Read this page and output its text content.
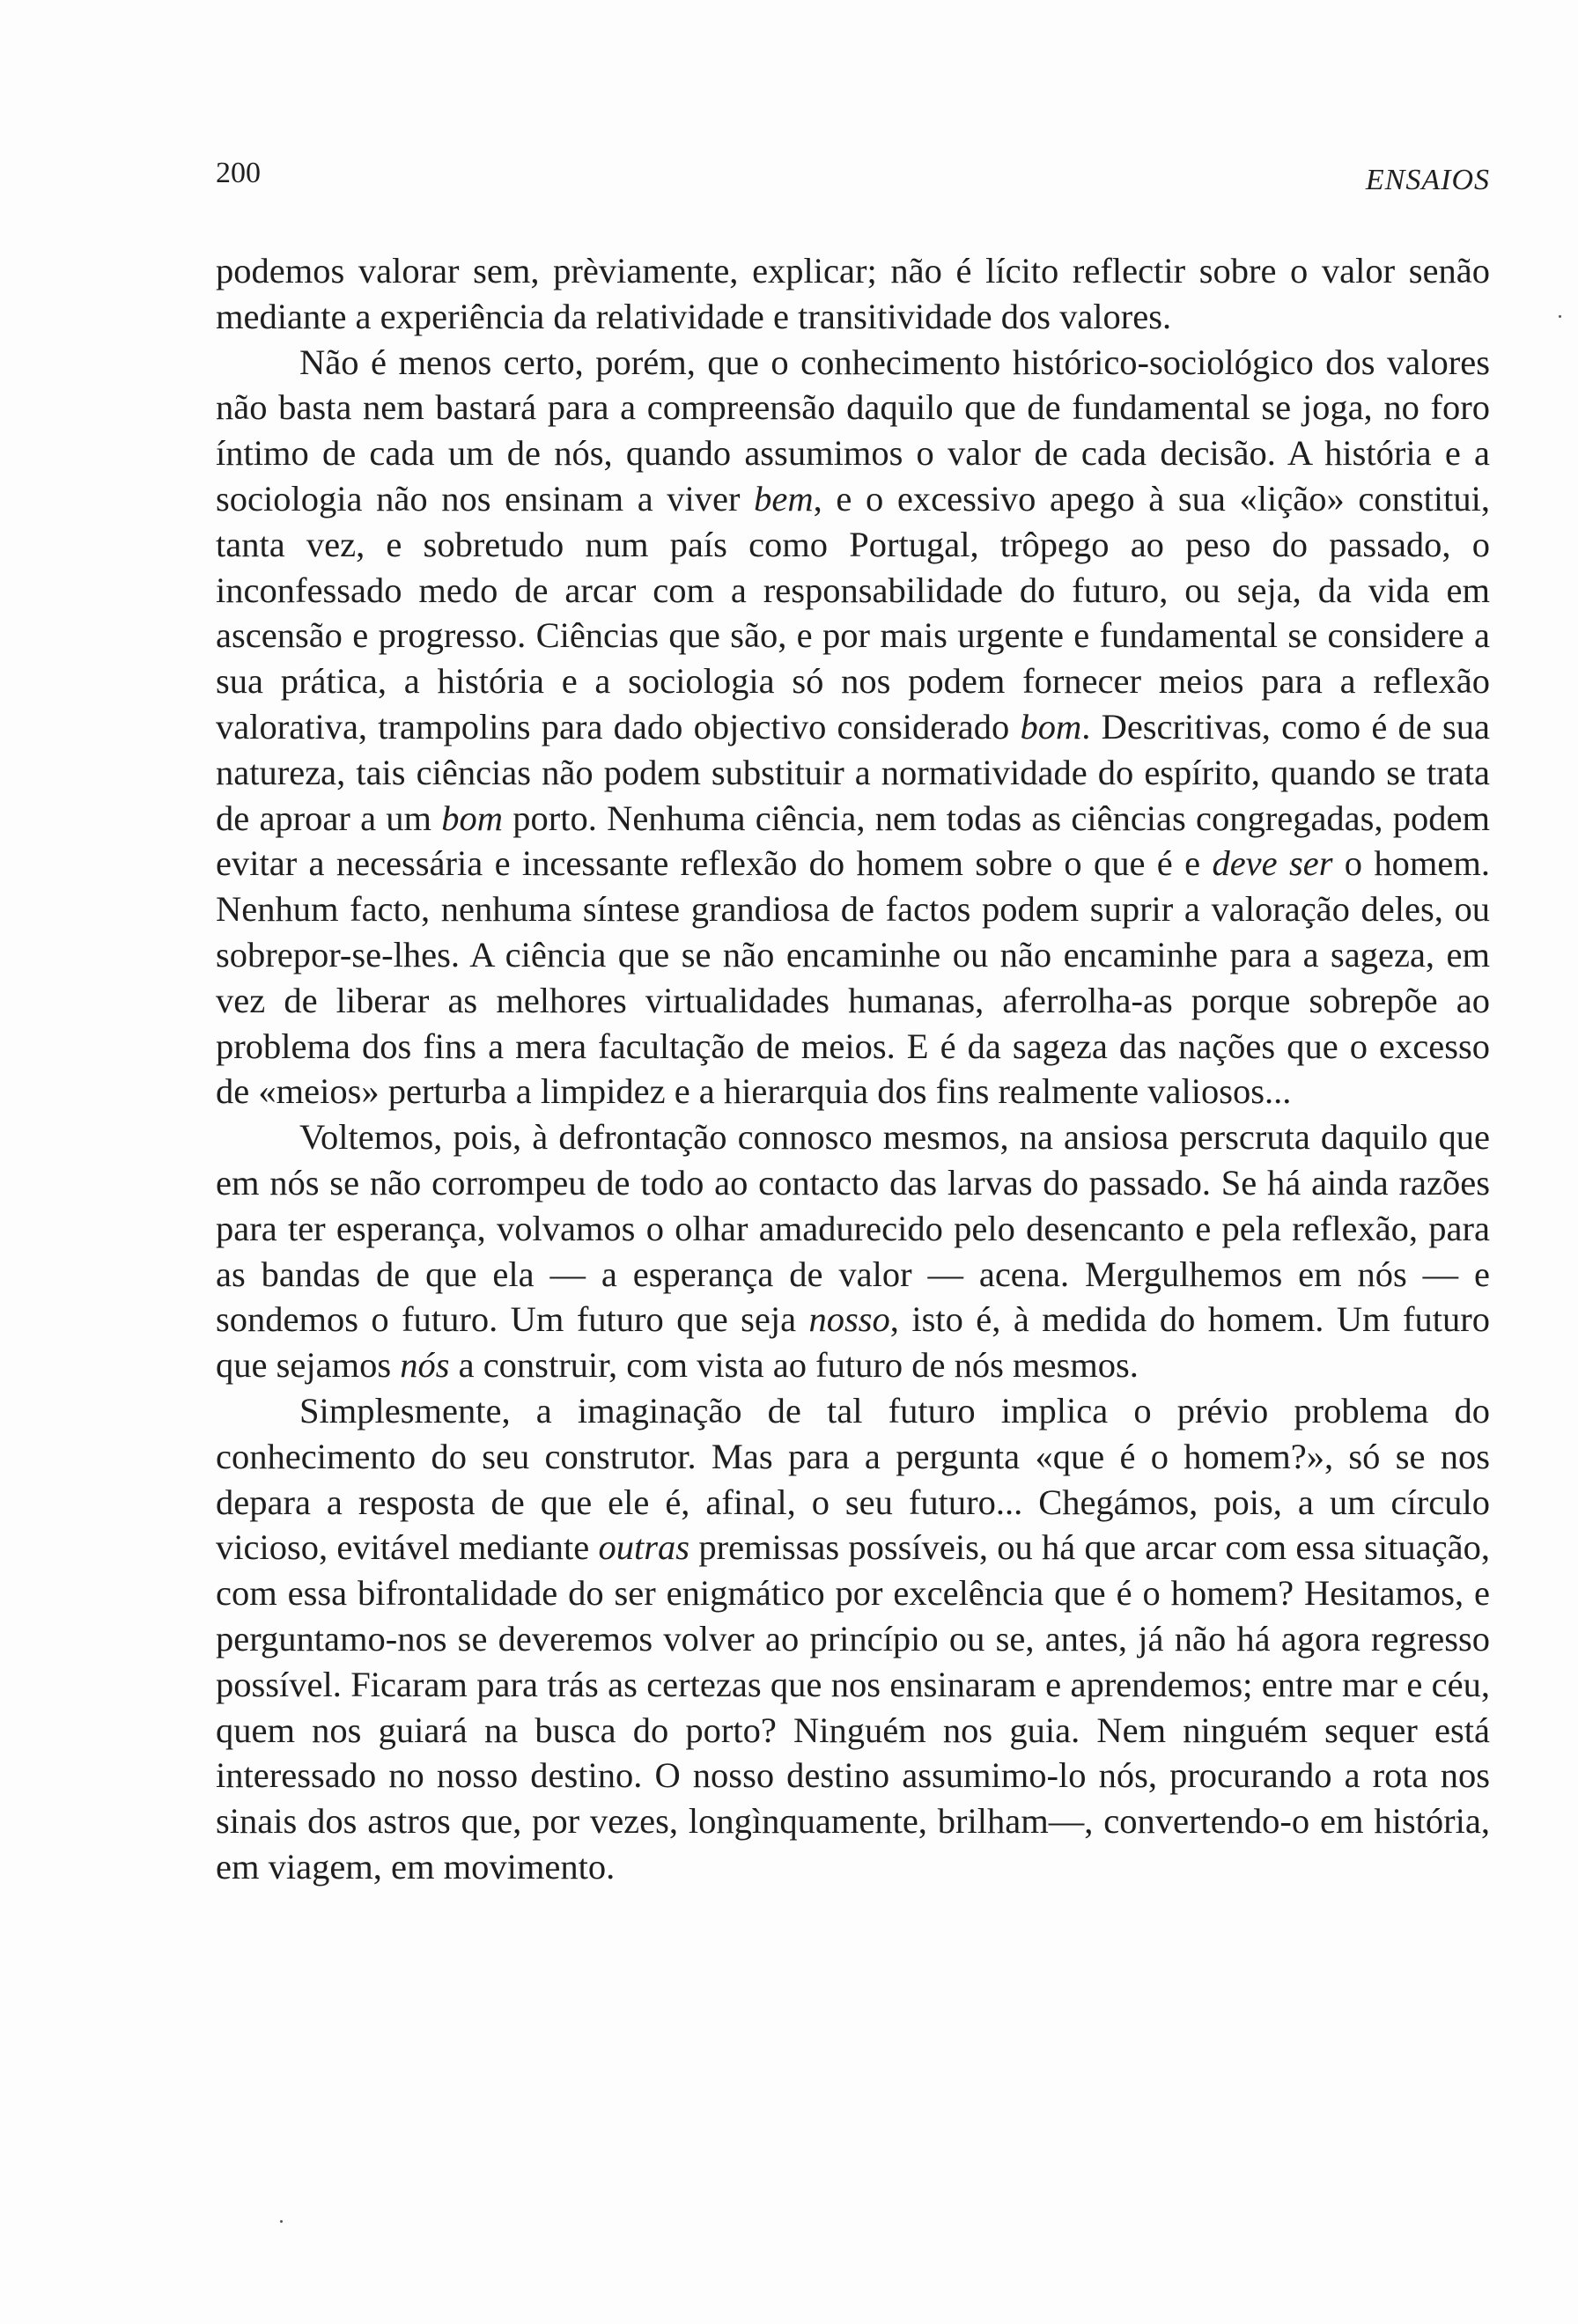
200	ENSAIOS

podemos valorar sem, prèviamente, explicar; não é lícito reflectir sobre o valor senão mediante a experiência da relatividade e transitividade dos valores.

Não é menos certo, porém, que o conhecimento histórico-sociológico dos valores não basta nem bastará para a compreensão daquilo que de fundamental se joga, no foro íntimo de cada um de nós, quando assumimos o valor de cada decisão. A história e a sociologia não nos ensinam a viver bem, e o excessivo apego à sua «lição» constitui, tanta vez, e sobretudo num país como Portugal, trôpego ao peso do passado, o inconfessado medo de arcar com a responsabilidade do futuro, ou seja, da vida em ascensão e progresso. Ciências que são, e por mais urgente e fundamental se considere a sua prática, a história e a sociologia só nos podem fornecer meios para a reflexão valorativa, trampolins para dado objectivo considerado bom. Descritivas, como é de sua natureza, tais ciências não podem substituir a normatividade do espírito, quando se trata de aproar a um bom porto. Nenhuma ciência, nem todas as ciências congregadas, podem evitar a necessária e incessante reflexão do homem sobre o que é e deve ser o homem. Nenhum facto, nenhuma síntese grandiosa de factos podem suprir a valoração deles, ou sobrepor-se-lhes. A ciência que se não encaminhe ou não encaminhe para a sageza, em vez de liberar as melhores virtualidades humanas, aferrolha-as porque sobrepõe ao problema dos fins a mera facultação de meios. E é da sageza das nações que o excesso de «meios» perturba a limpidez e a hierarquia dos fins realmente valiosos...

Voltemos, pois, à defrontação connosco mesmos, na ansiosa perscruta daquilo que em nós se não corrompeu de todo ao contacto das larvas do passado. Se há ainda razões para ter esperança, volvamos o olhar amadurecido pelo desencanto e pela reflexão, para as bandas de que ela — a esperança de valor — acena. Mergulhemos em nós — e sondemos o futuro. Um futuro que seja nosso, isto é, à medida do homem. Um futuro que sejamos nós a construir, com vista ao futuro de nós mesmos.

Simplesmente, a imaginação de tal futuro implica o prévio problema do conhecimento do seu construtor. Mas para a pergunta «que é o homem?», só se nos depara a resposta de que ele é, afinal, o seu futuro... Chegámos, pois, a um círculo vicioso, evitável mediante outras premissas possíveis, ou há que arcar com essa situação, com essa bifrontalidade do ser enigmático por excelência que é o homem? Hesitamos, e perguntamo-nos se deveremos volver ao princípio ou se, antes, já não há agora regresso possível. Ficaram para trás as certezas que nos ensinaram e aprendemos; entre mar e céu, quem nos guiará na busca do porto? Ninguém nos guia. Nem ninguém sequer está interessado no nosso destino. O nosso destino assumimo-lo nós, procurando a rota nos sinais dos astros que, por vezes, longìnquamente, brilham—, convertendo-o em história, em viagem, em movimento.
